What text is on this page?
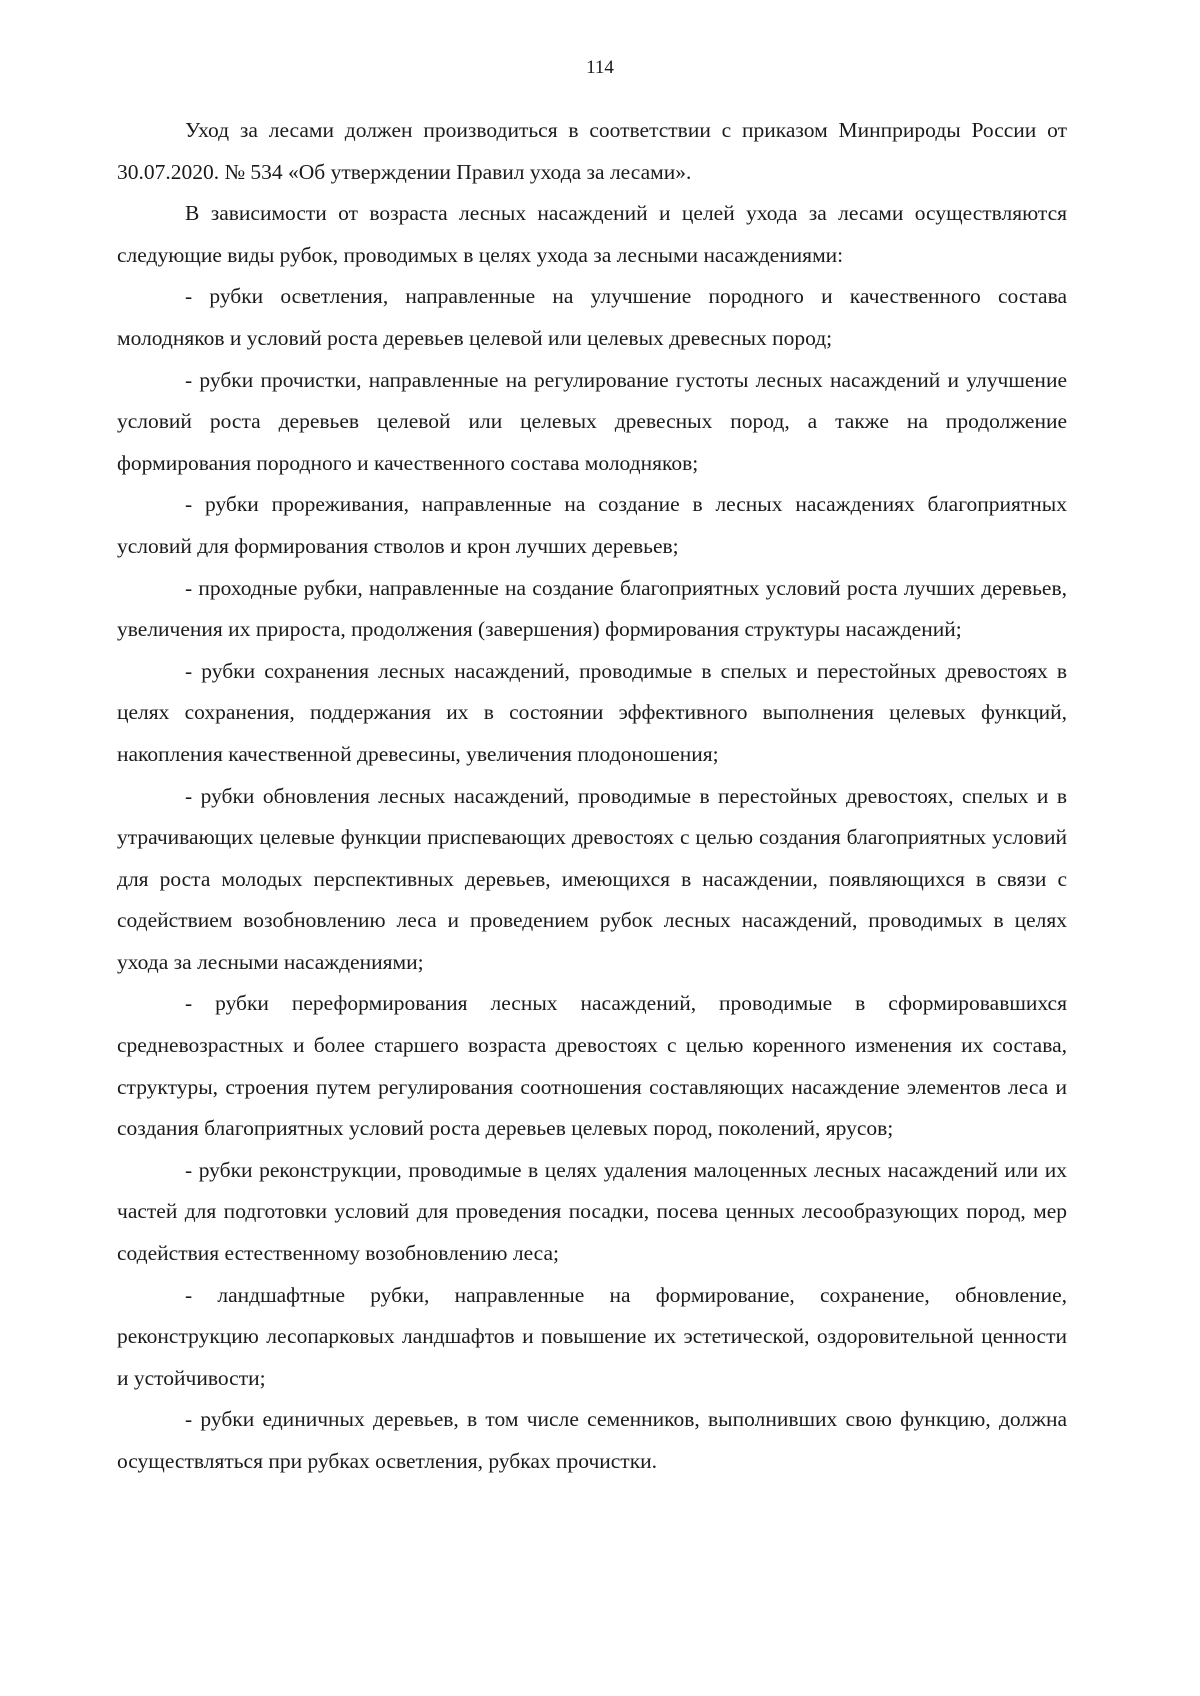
114

Уход за лесами должен производиться в соответствии с приказом Минприроды России от 30.07.2020. № 534 «Об утверждении Правил ухода за лесами».

В зависимости от возраста лесных насаждений и целей ухода за лесами осуществляются следующие виды рубок, проводимых в целях ухода за лесными насаждениями:

- рубки осветления, направленные на улучшение породного и качественного состава молодняков и условий роста деревьев целевой или целевых древесных пород;

- рубки прочистки, направленные на регулирование густоты лесных насаждений и улучшение условий роста деревьев целевой или целевых древесных пород, а также на продолжение формирования породного и качественного состава молодняков;

- рубки прореживания, направленные на создание в лесных насаждениях благоприятных условий для формирования стволов и крон лучших деревьев;

- проходные рубки, направленные на создание благоприятных условий роста лучших деревьев, увеличения их прироста, продолжения (завершения) формирования структуры насаждений;

- рубки сохранения лесных насаждений, проводимые в спелых и перестойных древостоях в целях сохранения, поддержания их в состоянии эффективного выполнения целевых функций, накопления качественной древесины, увеличения плодоношения;

- рубки обновления лесных насаждений, проводимые в перестойных древостоях, спелых и в утрачивающих целевые функции приспевающих древостоях с целью создания благоприятных условий для роста молодых перспективных деревьев, имеющихся в насаждении, появляющихся в связи с содействием возобновлению леса и проведением рубок лесных насаждений, проводимых в целях ухода за лесными насаждениями;

- рубки переформирования лесных насаждений, проводимые в сформировавшихся средневозрастных и более старшего возраста древостоях с целью коренного изменения их состава, структуры, строения путем регулирования соотношения составляющих насаждение элементов леса и создания благоприятных условий роста деревьев целевых пород, поколений, ярусов;

- рубки реконструкции, проводимые в целях удаления малоценных лесных насаждений или их частей для подготовки условий для проведения посадки, посева ценных лесообразующих пород, мер содействия естественному возобновлению леса;

- ландшафтные рубки, направленные на формирование, сохранение, обновление, реконструкцию лесопарковых ландшафтов и повышение их эстетической, оздоровительной ценности и устойчивости;

- рубки единичных деревьев, в том числе семенников, выполнивших свою функцию, должна осуществляться при рубках осветления, рубках прочистки.
